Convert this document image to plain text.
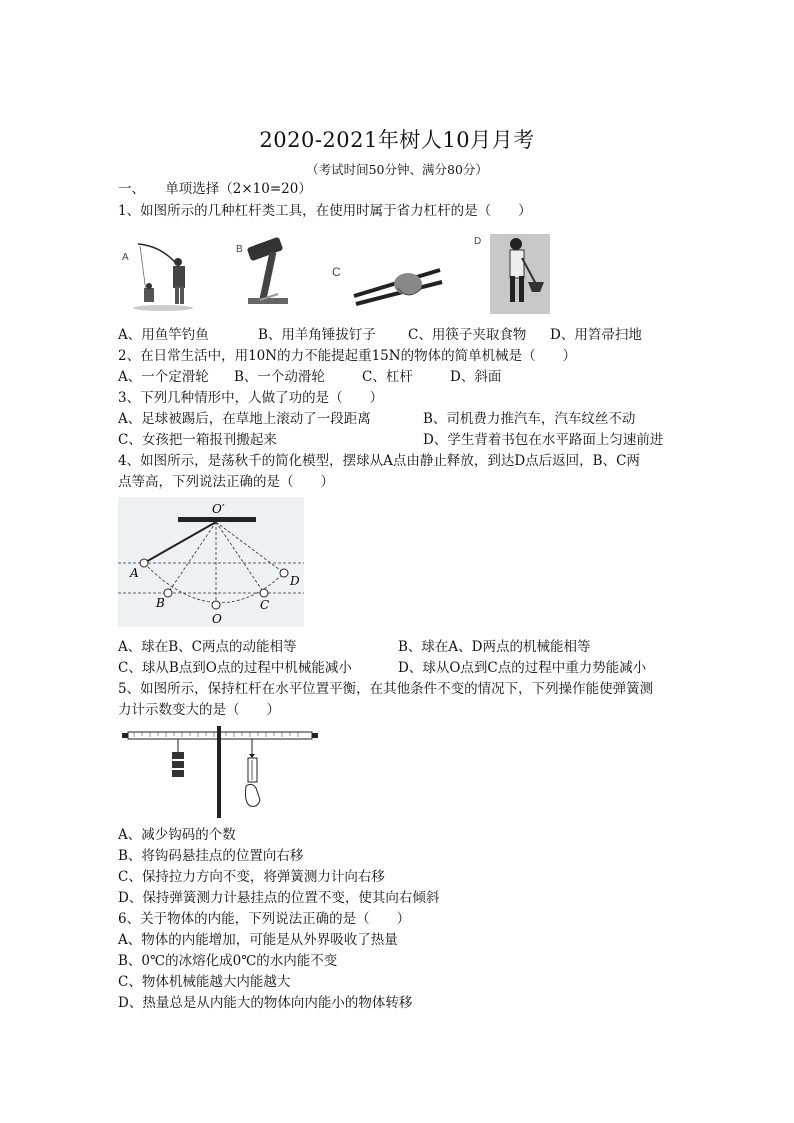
2020-2021年树人10月月考
（考试时间50分钟、满分80分）
一、　　单项选择（2×10=20）
1、如图所示的几种杠杆类工具，在使用时属于省力杠杆的是（　　）
A
B
C
D
A、用鱼竿钓鱼	B、用羊角锤拔钉子 C、用筷子夹取食物 D、用笤帚扫地
2、在日常生活中，用10N的力不能提起重15N的物体的简单机械是（　　）
A、一个定滑轮 B、一个动滑轮	C、杠杆	D、斜面
3、下列几种情形中，人做了功的是（　　）
A、足球被踢后，在草地上滚动了一段距离	B、司机费力推汽车，汽车纹丝不动
C、女孩把一箱报刊搬起来	D、学生背着书包在水平路面上匀速前进
4、如图所示，是荡秋千的简化模型，摆球从A点由静止释放，到达D点后返回，B、C两
点等高，下列说法正确的是（　　）
O′
A
B
O
C
D
A、球在B、C两点的动能相等	B、球在A、D两点的机械能相等
C、球从B点到O点的过程中机械能减小	D、球从O点到C点的过程中重力势能减小
5、如图所示，保持杠杆在水平位置平衡，在其他条件不变的情况下，下列操作能使弹簧测
力计示数变大的是（　　）
A、减少钩码的个数
B、将钩码悬挂点的位置向右移
C、保持拉力方向不变，将弹簧测力计向右移
D、保持弹簧测力计悬挂点的位置不变，使其向右倾斜
6、关于物体的内能，下列说法正确的是（　　）
A、物体的内能增加，可能是从外界吸收了热量
B、0℃的冰熔化成0℃的水内能不变
C、物体机械能越大内能越大
D、热量总是从内能大的物体向内能小的物体转移
